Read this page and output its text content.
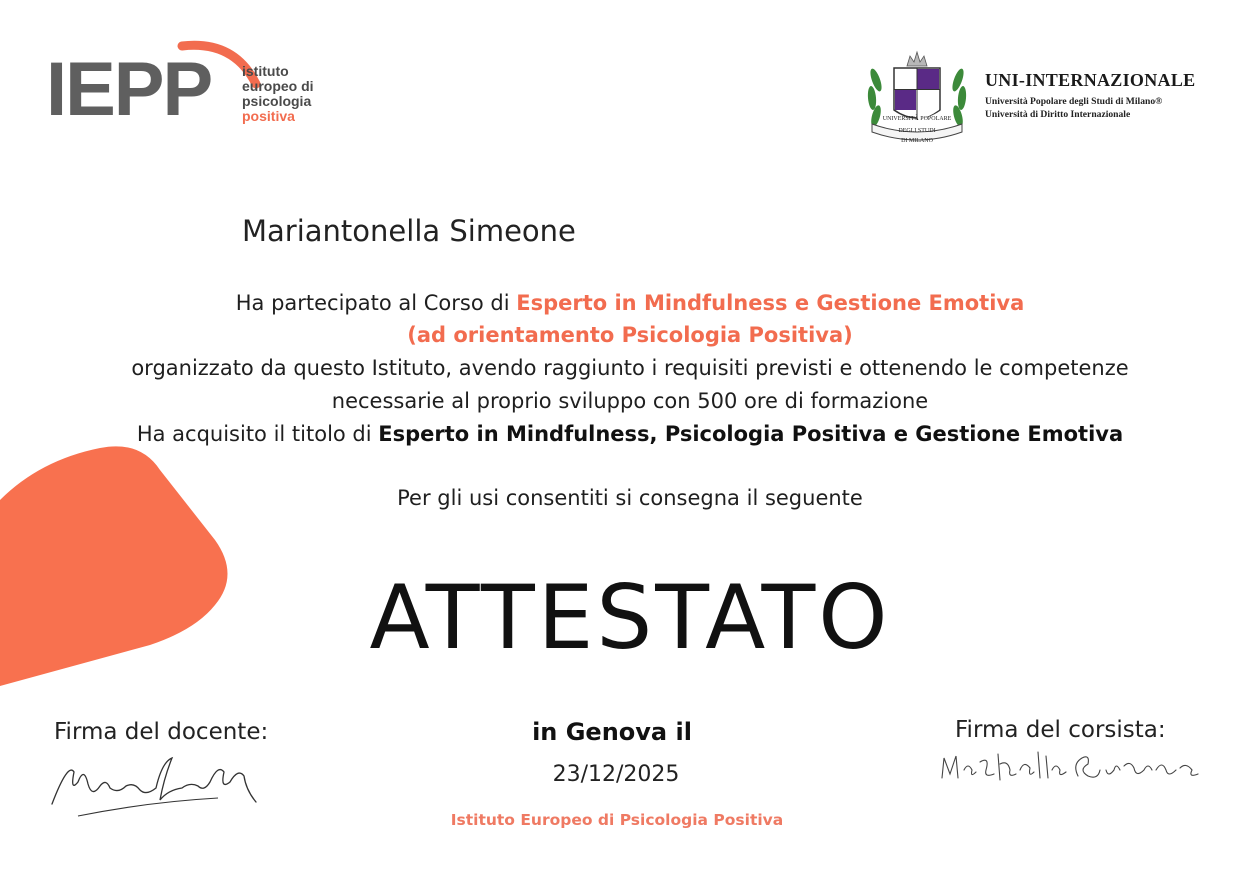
IEPP istituto
europeo di
psicologia
positiva	UNIVERSITÀ POPOLARE
DEGLI STUDI
DI MILANO
UNI-INTERNAZIONALE
Università Popolare degli Studi di Milano®
Università di Diritto Internazionale
Mariantonella Simeone
Ha partecipato al Corso di Esperto in Mindfulness e Gestione Emotiva
(ad orientamento Psicologia Positiva)
organizzato da questo Istituto, avendo raggiunto i requisiti previsti e ottenendo le competenze
necessarie al proprio sviluppo con 500 ore di formazione
Ha acquisito il titolo di Esperto in Mindfulness, Psicologia Positiva e Gestione Emotiva
Per gli usi consentiti si consegna il seguente
ATTESTATO
Firma del docente:	in Genova il
23/12/2025
Istituto Europeo di Psicologia Positiva
Firma del corsista:
